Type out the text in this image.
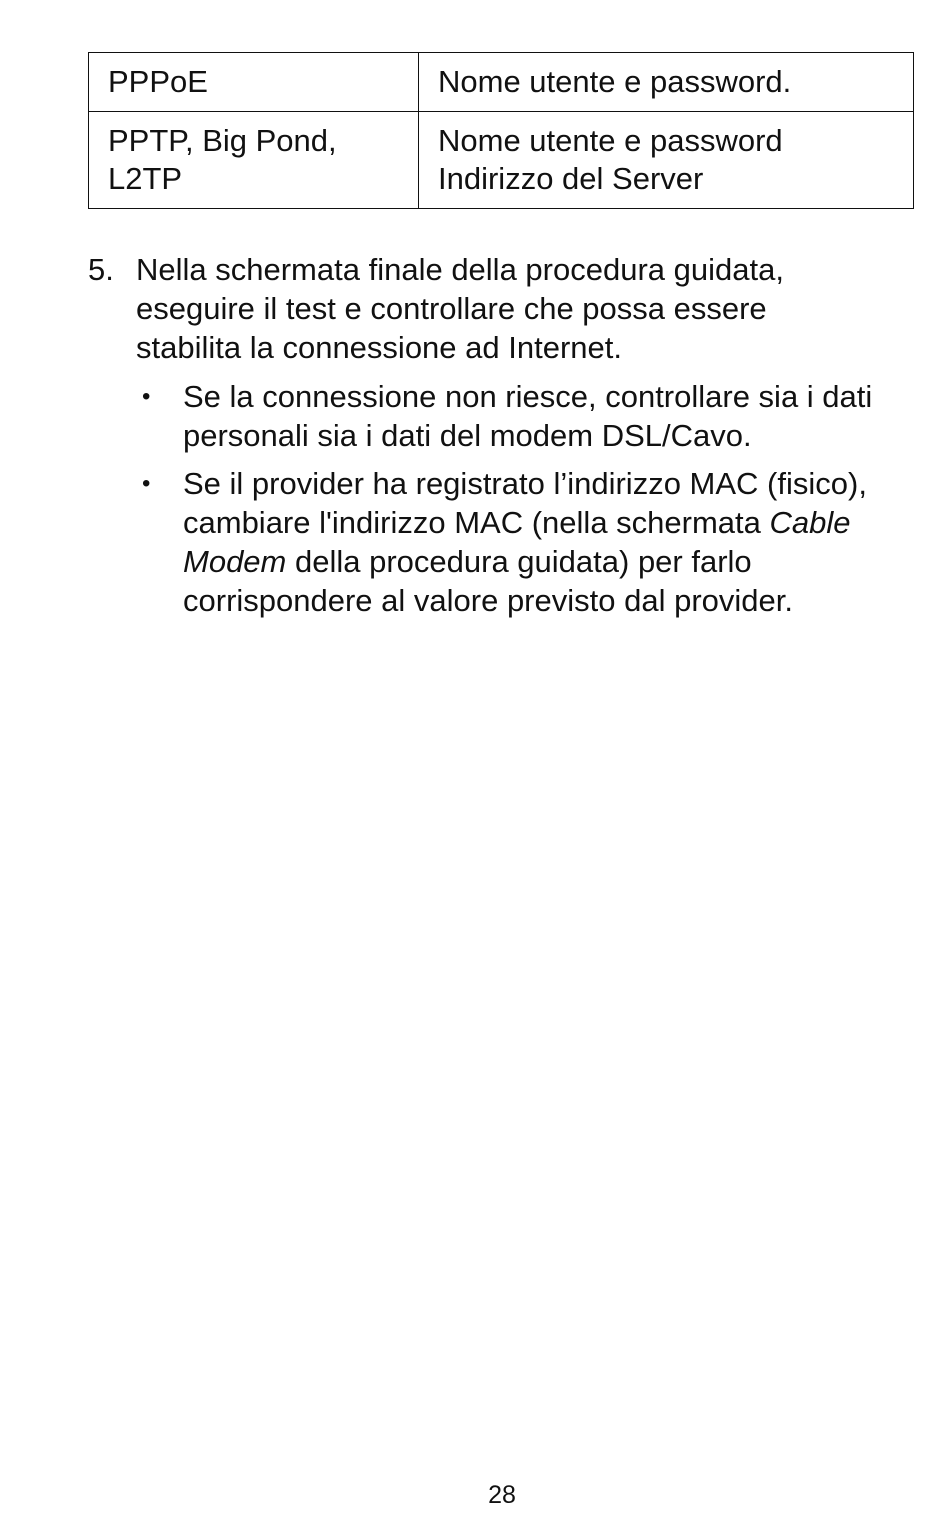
PPPoE	Nome utente e password.

PPTP, Big Pond,
L2TP	Nome utente e password
Indirizzo del Server
5. Nella schermata finale della procedura guidata,
eseguire il test e controllare che possa essere
stabilita la connessione ad Internet.
• Se la connessione non riesce, controllare sia i dati
personali sia i dati del modem DSL/Cavo.
• Se il provider ha registrato l’indirizzo MAC (fisico),
cambiare l'indirizzo MAC (nella schermata Cable
Modem della procedura guidata) per farlo
corrispondere al valore previsto dal provider.
28
